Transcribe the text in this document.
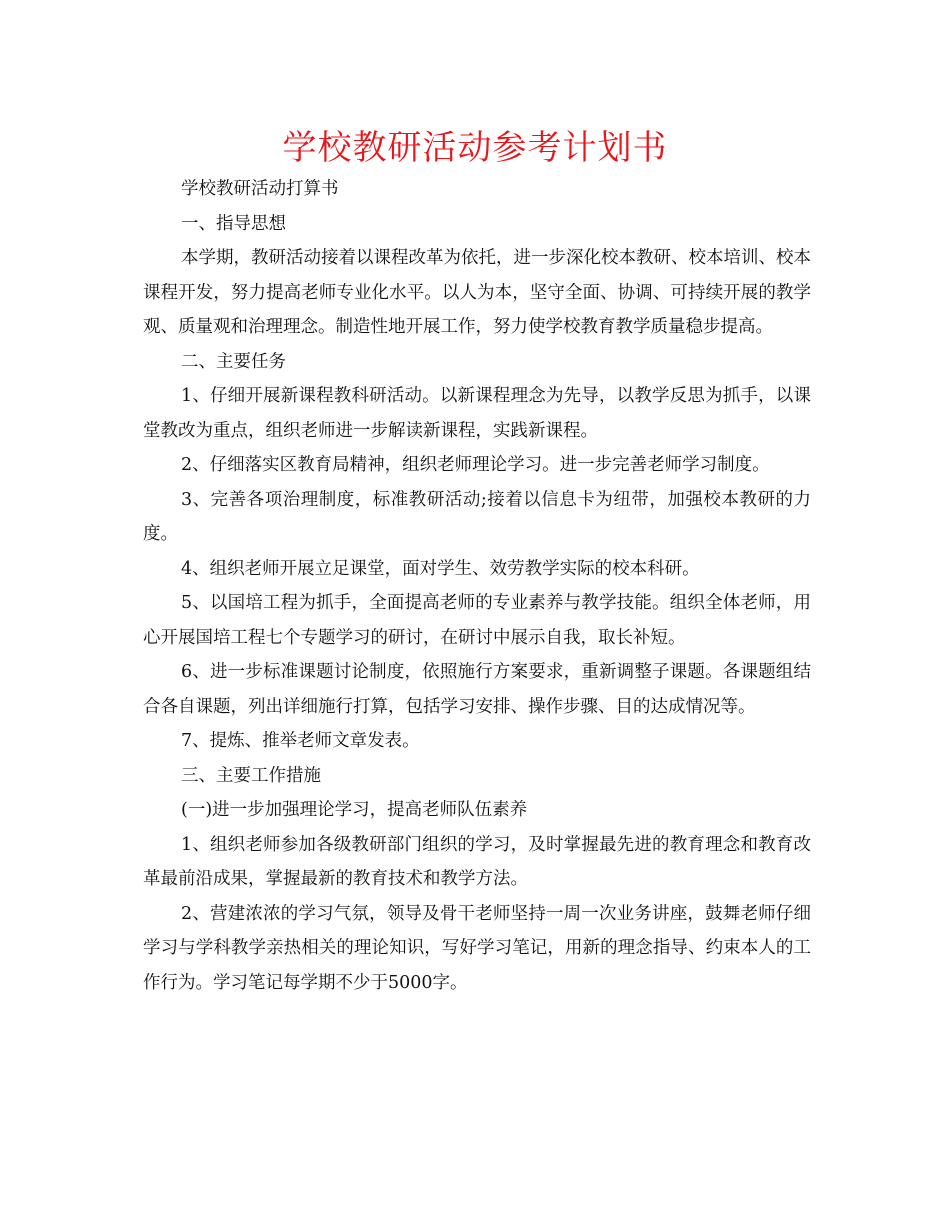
学校教研活动参考计划书

学校教研活动打算书

一、指导思想

本学期，教研活动接着以课程改革为依托，进一步深化校本教研、校本培训、校本课程开发，努力提高老师专业化水平。以人为本，坚守全面、协调、可持续开展的教学观、质量观和治理理念。制造性地开展工作，努力使学校教育教学质量稳步提高。

二、主要任务

1、仔细开展新课程教科研活动。以新课程理念为先导，以教学反思为抓手，以课堂教改为重点，组织老师进一步解读新课程，实践新课程。

2、仔细落实区教育局精神，组织老师理论学习。进一步完善老师学习制度。

3、完善各项治理制度，标准教研活动;接着以信息卡为纽带，加强校本教研的力度。

4、组织老师开展立足课堂，面对学生、效劳教学实际的校本科研。

5、以国培工程为抓手，全面提高老师的专业素养与教学技能。组织全体老师，用心开展国培工程七个专题学习的研讨，在研讨中展示自我，取长补短。

6、进一步标准课题讨论制度，依照施行方案要求，重新调整子课题。各课题组结合各自课题，列出详细施行打算，包括学习安排、操作步骤、目的达成情况等。

7、提炼、推举老师文章发表。

三、主要工作措施

(一)进一步加强理论学习，提高老师队伍素养

1、组织老师参加各级教研部门组织的学习，及时掌握最先进的教育理念和教育改革最前沿成果，掌握最新的教育技术和教学方法。

2、营建浓浓的学习气氛，领导及骨干老师坚持一周一次业务讲座，鼓舞老师仔细学习与学科教学亲热相关的理论知识，写好学习笔记，用新的理念指导、约束本人的工作行为。学习笔记每学期不少于5000字。
